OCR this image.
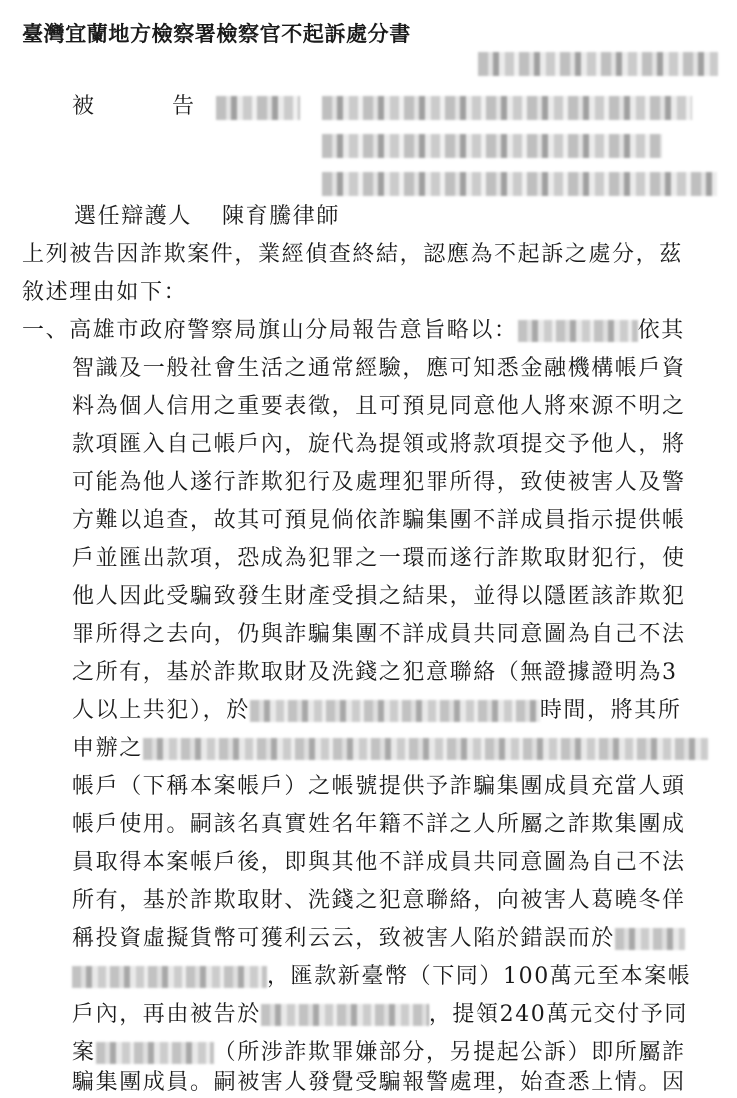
臺灣宜蘭地方檢察署檢察官不起訴處分書
被	告
選任辯護人 陳育騰律師
上列被告因詐欺案件，業經偵查終結，認應為不起訴之處分，茲
敘述理由如下：
一、高雄市政府警察局旗山分局報告意旨略以：	依其
智識及一般社會生活之通常經驗，應可知悉金融機構帳戶資
料為個人信用之重要表徵，且可預見同意他人將來源不明之
款項匯入自己帳戶內，旋代為提領或將款項提交予他人，將
可能為他人遂行詐欺犯行及處理犯罪所得，致使被害人及警
方難以追查，故其可預見倘依詐騙集團不詳成員指示提供帳
戶並匯出款項，恐成為犯罪之一環而遂行詐欺取財犯行，使
他人因此受騙致發生財產受損之結果，並得以隱匿該詐欺犯
罪所得之去向，仍與詐騙集團不詳成員共同意圖為自己不法
之所有，基於詐欺取財及洗錢之犯意聯絡（無證據證明為3
人以上共犯），於	時間，將其所
申辦之
帳戶（下稱本案帳戶）之帳號提供予詐騙集團成員充當人頭
帳戶使用。嗣該名真實姓名年籍不詳之人所屬之詐欺集團成
員取得本案帳戶後，即與其他不詳成員共同意圖為自己不法
所有，基於詐欺取財、洗錢之犯意聯絡，向被害人葛曉冬佯
稱投資虛擬貨幣可獲利云云，致被害人陷於錯誤而於
，匯款新臺幣（下同）100萬元至本案帳
戶內，再由被告於	，提領240萬元交付予同
案	（所涉詐欺罪嫌部分，另提起公訴）即所屬詐
騙集團成員。嗣被害人發覺受騙報警處理，始查悉上情。因
